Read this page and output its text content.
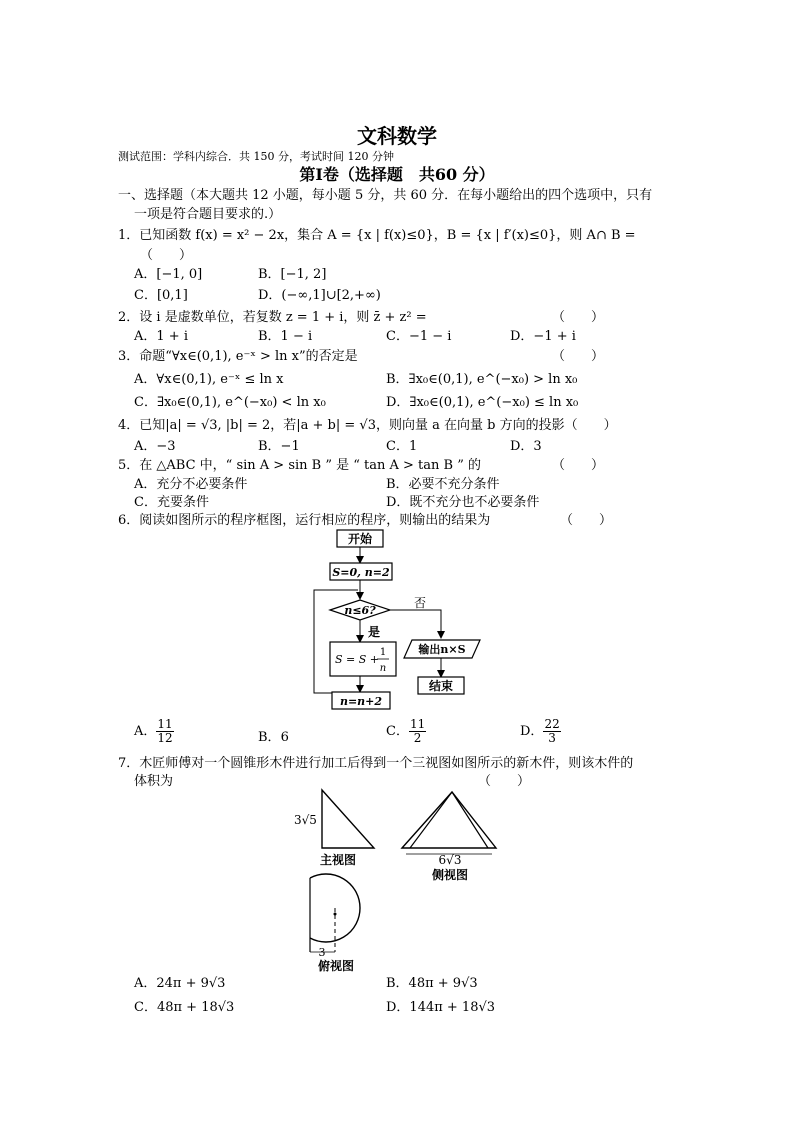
文科数学
测试范围：学科内综合．共 150 分，考试时间 120 分钟
第Ⅰ卷（选择题　共60 分）
一、选择题（本大题共 12 小题，每小题 5 分，共 60 分．在每小题给出的四个选项中，只有
一项是符合题目要求的.）
1．已知函数 f(x) = x² − 2x，集合 A = {x | f(x)≤0}，B = {x | f′(x)≤0}，则 A∩ B =
（　　）
A．[−1, 0]	B．[−1, 2]
C．[0,1]	D．(−∞,1]∪[2,+∞)
2．设 i 是虚数单位，若复数 z = 1 + i，则 z̄ + z² =	（　　）
A．1 + i	B．1 − i	C．−1 − i	D．−1 + i
3．命题“∀x∈(0,1), e⁻ˣ > ln x”的否定是	（　　）
A．∀x∈(0,1), e⁻ˣ ≤ ln x	B．∃x₀∈(0,1), e^(−x₀) > ln x₀
C．∃x₀∈(0,1), e^(−x₀) < ln x₀	D．∃x₀∈(0,1), e^(−x₀) ≤ ln x₀
4．已知|a| = √3, |b| = 2，若|a + b| = √3，则向量 a 在向量 b 方向的投影（　　）
A．−3	B．−1	C．1	D．3
5．在 △ABC 中，“ sin A > sin B ” 是 “ tan A > tan B ” 的	（　　）
A．充分不必要条件	B．必要不充分条件
C．充要条件	D．既不充分也不必要条件
6．阅读如图所示的程序框图，运行相应的程序，则输出的结果为	（　　）
开始
S=0, n=2
n≤6?
否
是
S = S +
1
n
n=n+2
输出n×S
结束
A． $\frac{11}{12}$	B．6	C． $\frac{11}{2}$	D． $\frac{22}{3}$
7．木匠师傅对一个圆锥形木件进行加工后得到一个三视图如图所示的新木件，则该木件的
体积为	（　　）
3√5
主视图	6√3
侧视图
3
俯视图
A．24π + 9√3	B．48π + 9√3
C．48π + 18√3	D．144π + 18√3
